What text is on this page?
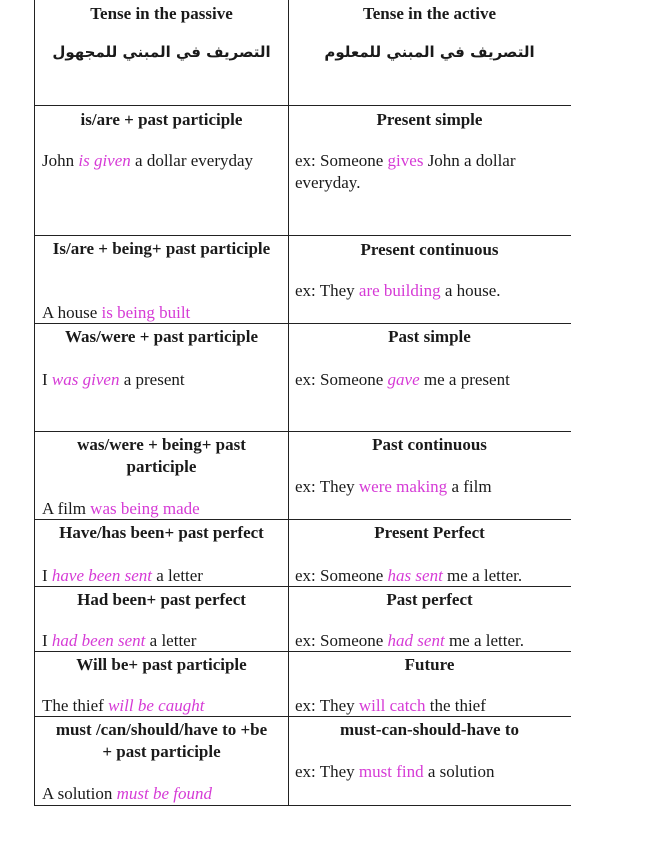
Tense in the passive
التصريف في المبني للمجهول
Tense in the active
التصريف في المبني للمعلوم
is/are + past participle
John is given a dollar everyday
Present simple
ex: Someone gives John a dollar everyday.
Is/are + being+ past participle
A house is being built
Present continuous
ex: They are building a house.
Was/were + past participle
I was given a present
Past simple
ex: Someone gave me a present
was/were + being+ past participle
A film was being made
Past continuous
ex: They were making a film
Have/has been+ past perfect
I have been sent a letter
Present Perfect
ex: Someone has sent me a letter.
Had been+ past perfect
I had been sent a letter
Past perfect
ex: Someone had sent me a letter.
Will be+ past participle
The thief will be caught
Future
ex: They will catch the thief
must /can/should/have to +be + past participle
A solution must be found
must-can-should-have to
ex: They must find a solution
